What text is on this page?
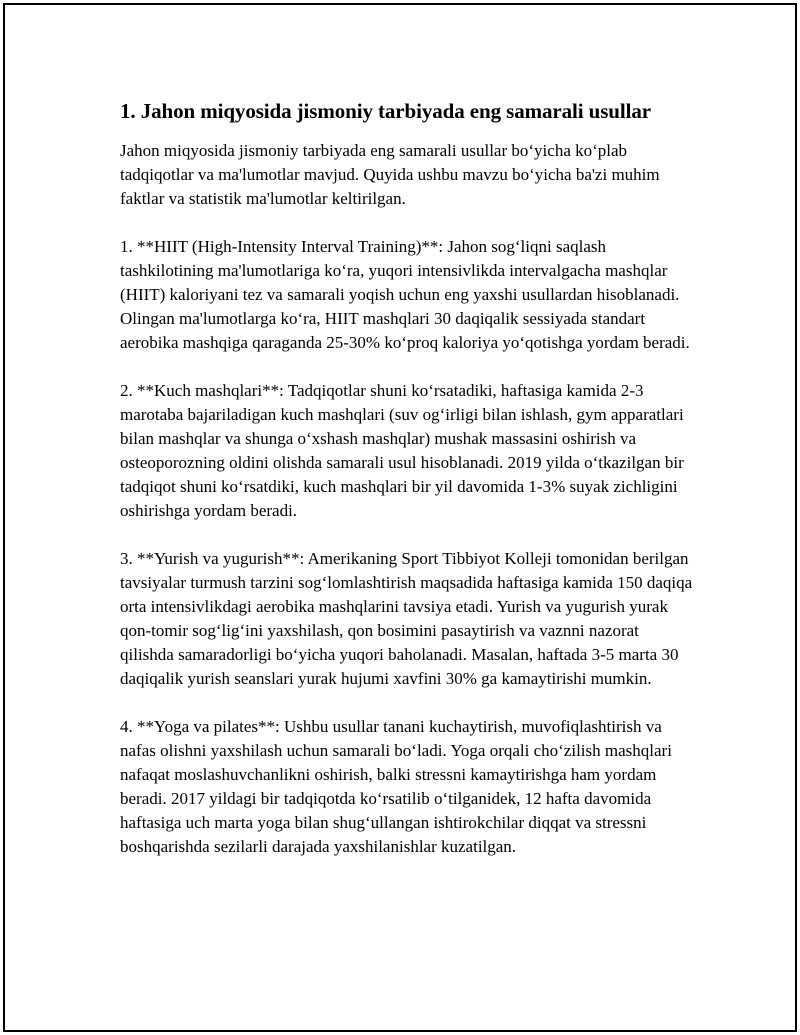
1. Jahon miqyosida jismoniy tarbiyada eng samarali usullar

Jahon miqyosida jismoniy tarbiyada eng samarali usullar bo‘yicha ko‘plab tadqiqotlar va ma'lumotlar mavjud. Quyida ushbu mavzu bo‘yicha ba'zi muhim faktlar va statistik ma'lumotlar keltirilgan.

1. **HIIT (High-Intensity Interval Training)**: Jahon sog‘liqni saqlash tashkilotining ma'lumotlariga ko‘ra, yuqori intensivlikda intervalgacha mashqlar (HIIT) kaloriyani tez va samarali yoqish uchun eng yaxshi usullardan hisoblanadi. Olingan ma'lumotlarga ko‘ra, HIIT mashqlari 30 daqiqalik sessiyada standart aerobika mashqiga qaraganda 25-30% ko‘proq kaloriya yo‘qotishga yordam beradi.

2. **Kuch mashqlari**: Tadqiqotlar shuni ko‘rsatadiki, haftasiga kamida 2-3 marotaba bajariladigan kuch mashqlari (suv og‘irligi bilan ishlash, gym apparatlari bilan mashqlar va shunga o‘xshash mashqlar) mushak massasini oshirish va osteoporozning oldini olishda samarali usul hisoblanadi. 2019 yilda o‘tkazilgan bir tadqiqot shuni ko‘rsatdiki, kuch mashqlari bir yil davomida 1-3% suyak zichligini oshirishga yordam beradi.

3. **Yurish va yugurish**: Amerikaning Sport Tibbiyot Kolleji tomonidan berilgan tavsiyalar turmush tarzini sog‘lomlashtirish maqsadida haftasiga kamida 150 daqiqa orta intensivlikdagi aerobika mashqlarini tavsiya etadi. Yurish va yugurish yurak qon-tomir sog‘lig‘ini yaxshilash, qon bosimini pasaytirish va vaznni nazorat qilishda samaradorligi bo‘yicha yuqori baholanadi. Masalan, haftada 3-5 marta 30 daqiqalik yurish seanslari yurak hujumi xavfini 30% ga kamaytirishi mumkin.

4. **Yoga va pilates**: Ushbu usullar tanani kuchaytirish, muvofiqlashtirish va nafas olishni yaxshilash uchun samarali bo‘ladi. Yoga orqali cho‘zilish mashqlari nafaqat moslashuvchanlikni oshirish, balki stressni kamaytirishga ham yordam beradi. 2017 yildagi bir tadqiqotda ko‘rsatilib o‘tilganidek, 12 hafta davomida haftasiga uch marta yoga bilan shug‘ullangan ishtirokchilar diqqat va stressni boshqarishda sezilarli darajada yaxshilanishlar kuzatilgan.
